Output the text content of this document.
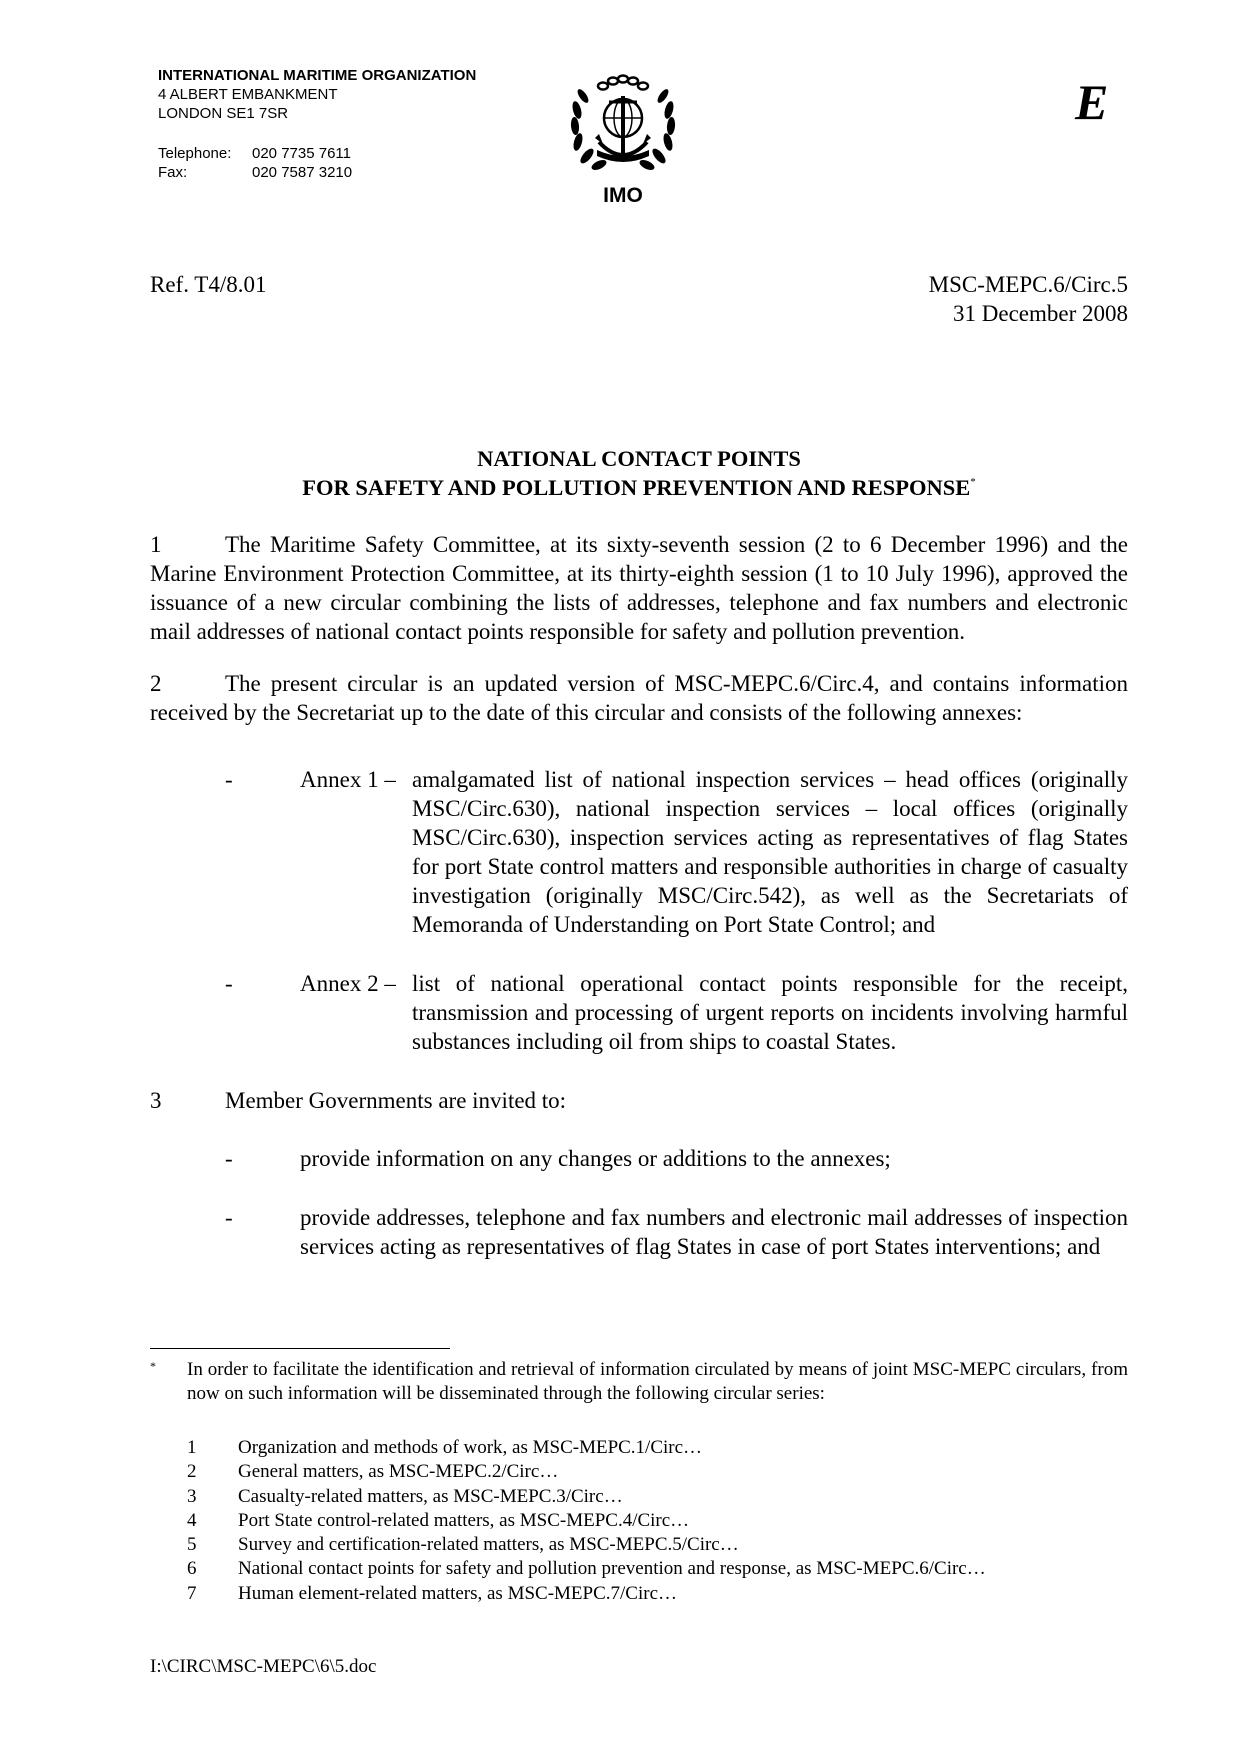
INTERNATIONAL MARITIME ORGANIZATION
4 ALBERT EMBANKMENT
LONDON SE1 7SR
Telephone:	020 7735 7611
Fax:	020 7587 3210
IMO
E
Ref. T4/8.01	MSC-MEPC.6/Circ.5
31 December 2008
NATIONAL CONTACT POINTS
FOR SAFETY AND POLLUTION PREVENTION AND RESPONSE*
1	The Maritime Safety Committee, at its sixty-seventh session (2 to 6 December 1996) and the Marine Environment Protection Committee, at its thirty-eighth session (1 to 10 July 1996), approved the issuance of a new circular combining the lists of addresses, telephone and fax numbers and electronic mail addresses of national contact points responsible for safety and pollution prevention.
2	The present circular is an updated version of MSC-MEPC.6/Circ.4, and contains information received by the Secretariat up to the date of this circular and consists of the following annexes:
-	Annex 1 – amalgamated list of national inspection services – head offices (originally MSC/Circ.630), national inspection services – local offices (originally MSC/Circ.630), inspection services acting as representatives of flag States for port State control matters and responsible authorities in charge of casualty investigation (originally MSC/Circ.542), as well as the Secretariats of Memoranda of Understanding on Port State Control; and
-	Annex 2 – list of national operational contact points responsible for the receipt, transmission and processing of urgent reports on incidents involving harmful substances including oil from ships to coastal States.
3	Member Governments are invited to:
-	provide information on any changes or additions to the annexes;
-	provide addresses, telephone and fax numbers and electronic mail addresses of inspection services acting as representatives of flag States in case of port States interventions; and
* In order to facilitate the identification and retrieval of information circulated by means of joint MSC-MEPC circulars, from now on such information will be disseminated through the following circular series:
1	Organization and methods of work, as MSC-MEPC.1/Circ…
2	General matters, as MSC-MEPC.2/Circ…
3	Casualty-related matters, as MSC-MEPC.3/Circ…
4	Port State control-related matters, as MSC-MEPC.4/Circ…
5	Survey and certification-related matters, as MSC-MEPC.5/Circ…
6	National contact points for safety and pollution prevention and response, as MSC-MEPC.6/Circ…
7	Human element-related matters, as MSC-MEPC.7/Circ…
I:\CIRC\MSC-MEPC\6\5.doc
